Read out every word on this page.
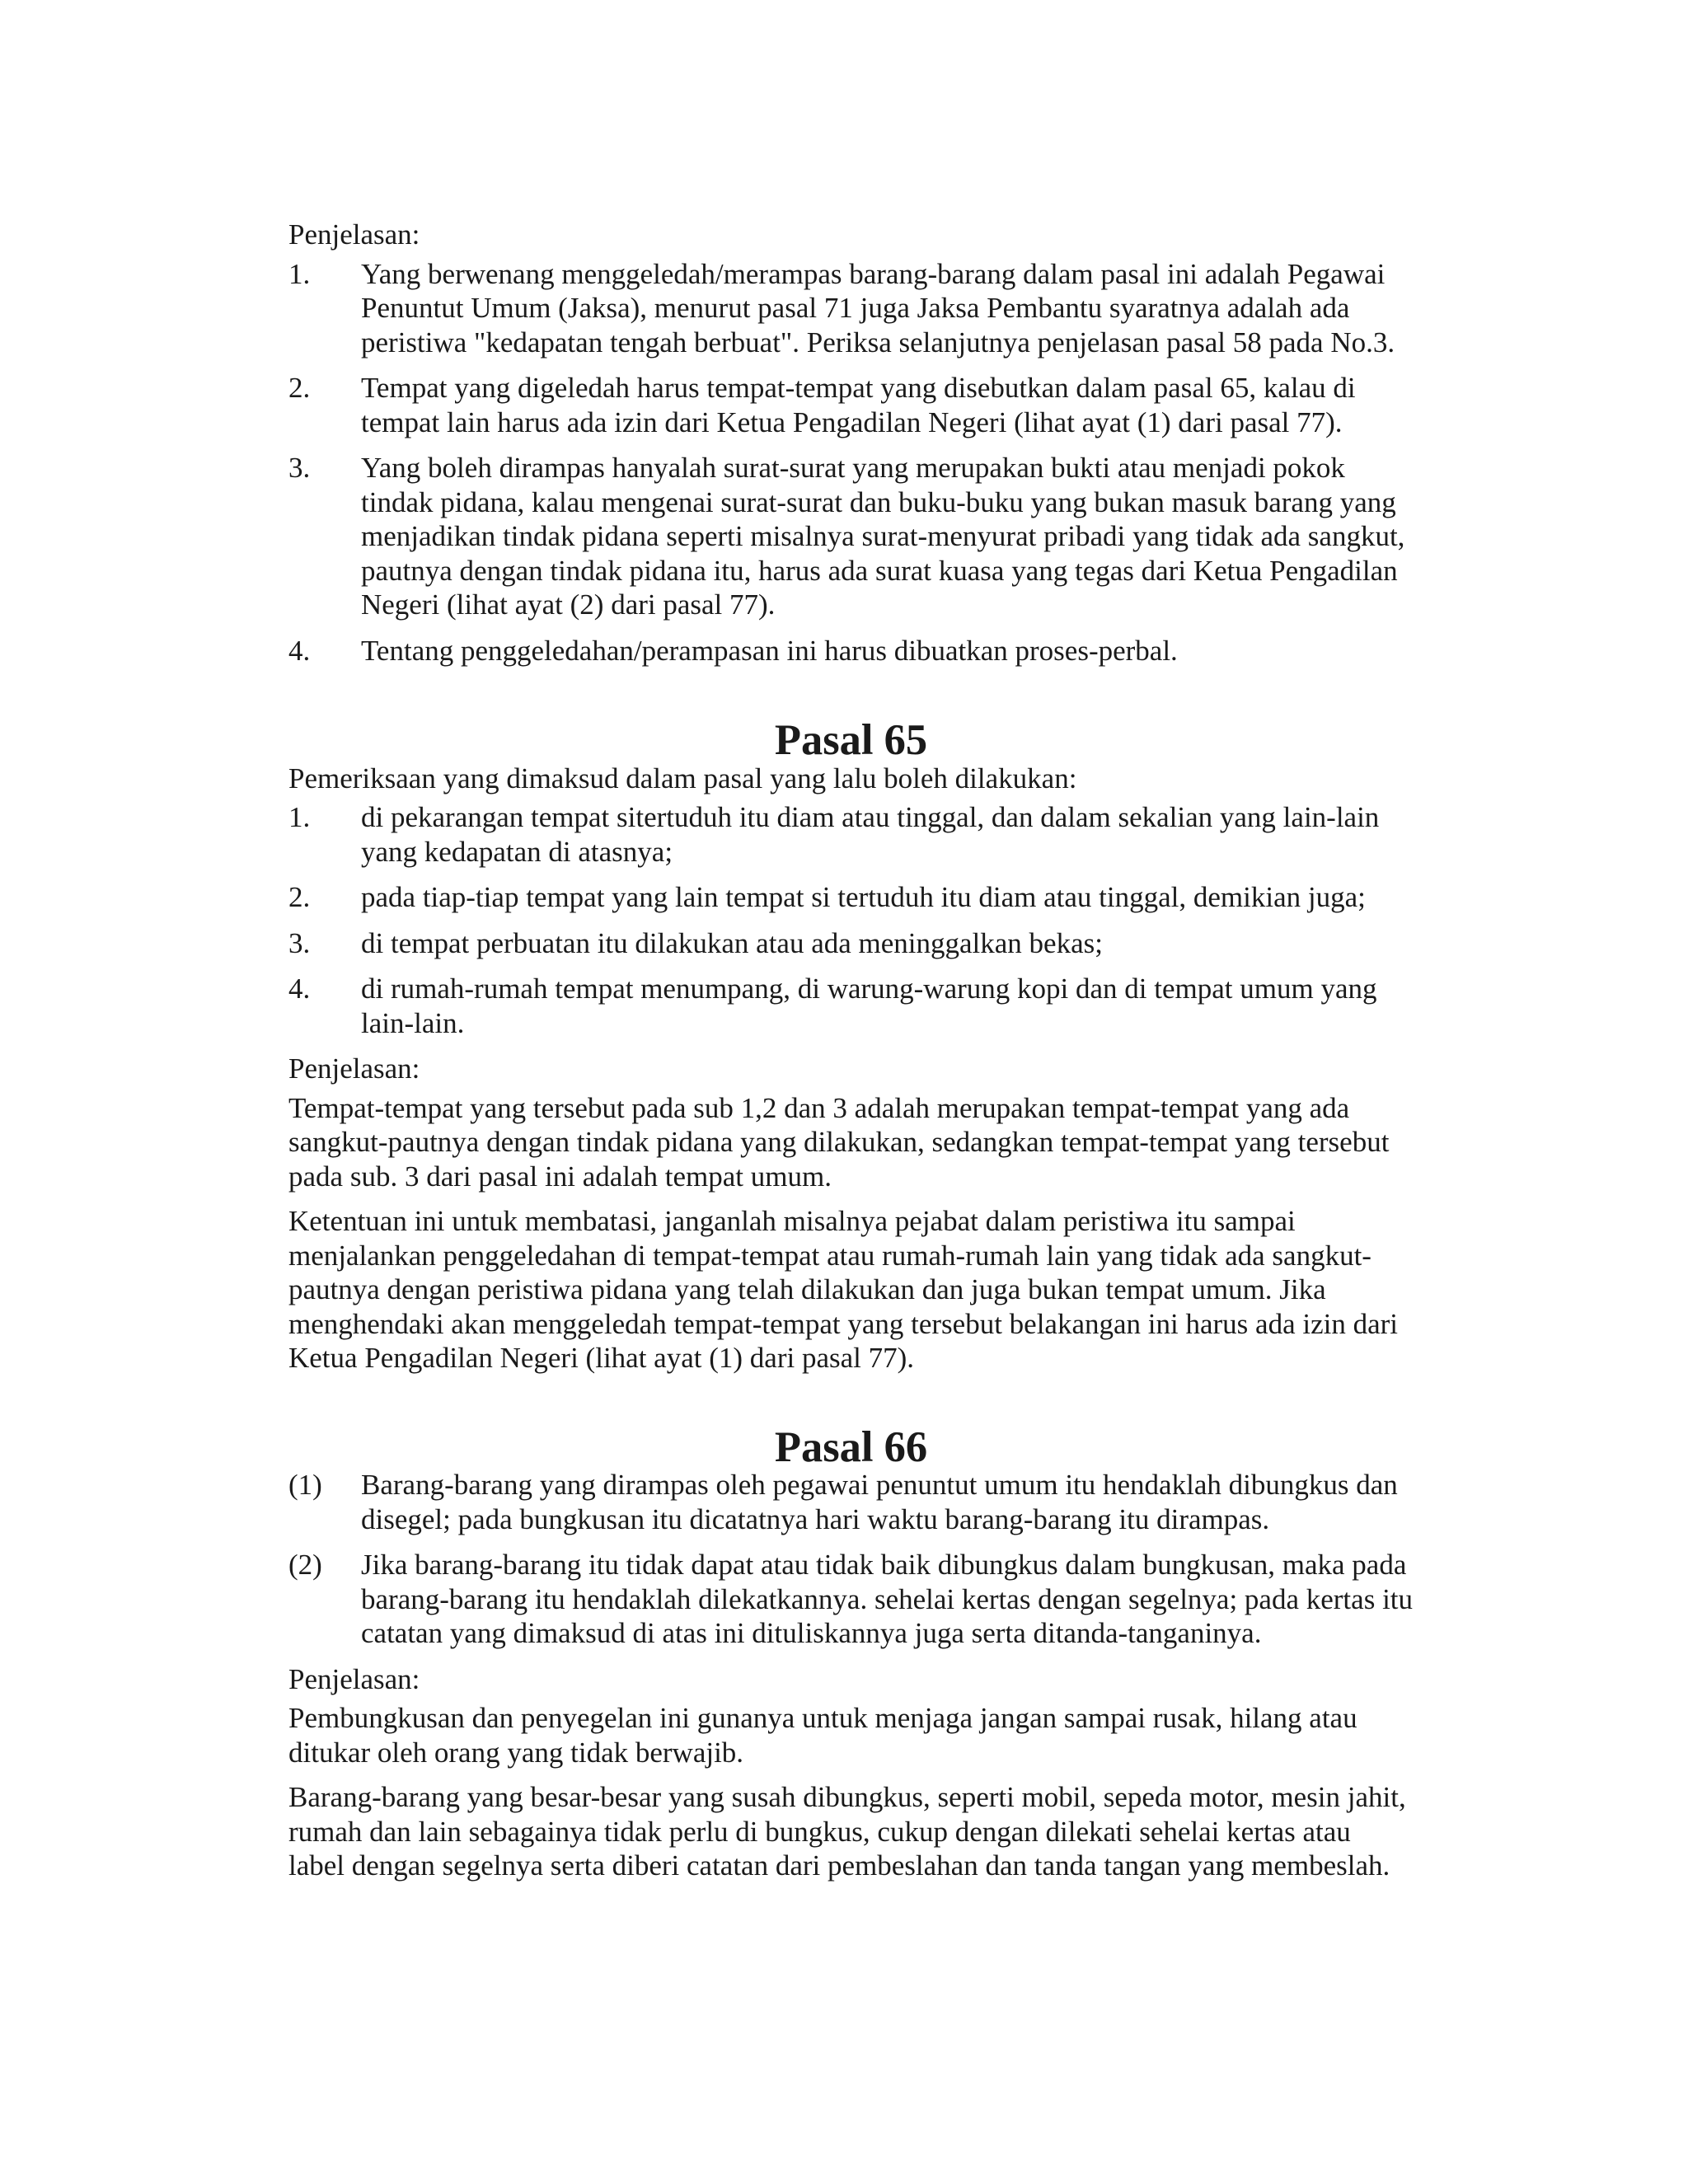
Penjelasan:

1.	Yang berwenang menggeledah/merampas barang-barang dalam pasal ini adalah Pegawai Penuntut Umum (Jaksa), menurut pasal 71 juga Jaksa Pembantu syaratnya adalah ada peristiwa "kedapatan tengah berbuat". Periksa selanjutnya penjelasan pasal 58 pada No.3.
2.	Tempat yang digeledah harus tempat-tempat yang disebutkan dalam pasal 65, kalau di tempat lain harus ada izin dari Ketua Pengadilan Negeri (lihat ayat (1) dari pasal 77).
3.	Yang boleh dirampas hanyalah surat-surat yang merupakan bukti atau menjadi pokok tindak pidana, kalau mengenai surat-surat dan buku-buku yang bukan masuk barang yang menjadikan tindak pidana seperti misalnya surat-menyurat pribadi yang tidak ada sangkut, pautnya dengan tindak pidana itu, harus ada surat kuasa yang tegas dari Ketua Pengadilan Negeri (lihat ayat (2) dari pasal 77).
4.	Tentang penggeledahan/perampasan ini harus dibuatkan proses-perbal.
Pasal 65

Pemeriksaan yang dimaksud dalam pasal yang lalu boleh dilakukan:

1.	di pekarangan tempat sitertuduh itu diam atau tinggal, dan dalam sekalian yang lain-lain yang kedapatan di atasnya;
2.	pada tiap-tiap tempat yang lain tempat si tertuduh itu diam atau tinggal, demikian juga;
3.	di tempat perbuatan itu dilakukan atau ada meninggalkan bekas;
4.	di rumah-rumah tempat menumpang, di warung-warung kopi dan di tempat umum yang lain-lain.

Penjelasan:

Tempat-tempat yang tersebut pada sub 1,2 dan 3 adalah merupakan tempat-tempat yang ada sangkut-pautnya dengan tindak pidana yang dilakukan, sedangkan tempat-tempat yang tersebut pada sub. 3 dari pasal ini adalah tempat umum.

Ketentuan ini untuk membatasi, janganlah misalnya pejabat dalam peristiwa itu sampai menjalankan penggeledahan di tempat-tempat atau rumah-rumah lain yang tidak ada sangkut-pautnya dengan peristiwa pidana yang telah dilakukan dan juga bukan tempat umum. Jika menghendaki akan menggeledah tempat-tempat yang tersebut belakangan ini harus ada izin dari Ketua Pengadilan Negeri (lihat ayat (1) dari pasal 77).

Pasal 66
(1)	Barang-barang yang dirampas oleh pegawai penuntut umum itu hendaklah dibungkus dan disegel; pada bungkusan itu dicatatnya hari waktu barang-barang itu dirampas.
(2)	Jika barang-barang itu tidak dapat atau tidak baik dibungkus dalam bungkusan, maka pada barang-barang itu hendaklah dilekatkannya. sehelai kertas dengan segelnya; pada kertas itu catatan yang dimaksud di atas ini dituliskannya juga serta ditanda-tanganinya.

Penjelasan:

Pembungkusan dan penyegelan ini gunanya untuk menjaga jangan sampai rusak, hilang atau ditukar oleh orang yang tidak berwajib.

Barang-barang yang besar-besar yang susah dibungkus, seperti mobil, sepeda motor, mesin jahit, rumah dan lain sebagainya tidak perlu di bungkus, cukup dengan dilekati sehelai kertas atau label dengan segelnya serta diberi catatan dari pembeslahan dan tanda tangan yang membeslah.
